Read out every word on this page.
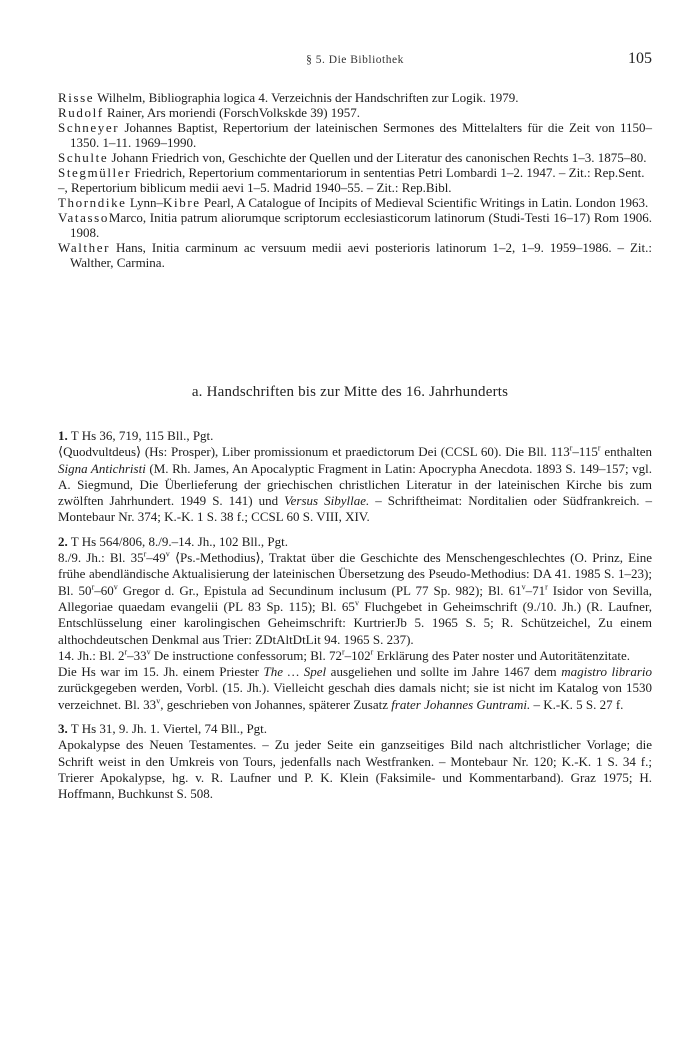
§ 5. Die Bibliothek	105

Risse Wilhelm, Bibliographia logica 4. Verzeichnis der Handschriften zur Logik. 1979.

Rudolf Rainer, Ars moriendi (ForschVolkskde 39) 1957.

Schneyer Johannes Baptist, Repertorium der lateinischen Sermones des Mittelalters für die Zeit von 1150–1350. 1–11. 1969–1990.

Schulte Johann Friedrich von, Geschichte der Quellen und der Literatur des canonischen Rechts 1–3. 1875–80.

Stegmüller Friedrich, Repertorium commentariorum in sententias Petri Lombardi 1–2. 1947. – Zit.: Rep.Sent.

–, Repertorium biblicum medii aevi 1–5. Madrid 1940–55. – Zit.: Rep.Bibl.

Thorndike Lynn–Kibre Pearl, A Catalogue of Incipits of Medieval Scientific Writings in Latin. London 1963.

VatassoMarco, Initia patrum aliorumque scriptorum ecclesiasticorum latinorum (Studi-Testi 16–17) Rom 1906. 1908.

Walther Hans, Initia carminum ac versuum medii aevi posterioris latinorum 1–2, 1–9. 1959–1986. – Zit.: Walther, Carmina.

a. Handschriften bis zur Mitte des 16. Jahrhunderts

1. T Hs 36, 719, 115 Bll., Pgt.

⟨Quodvultdeus⟩ (Hs: Prosper), Liber promissionum et praedictorum Dei (CCSL 60). Die Bll. 113$^r$–115$^r$ enthalten Signa Antichristi (M. Rh. James, An Apocalyptic Fragment in Latin: Apocrypha Anecdota. 1893 S. 149–157; vgl. A. Siegmund, Die Überlieferung der griechischen christlichen Literatur in der lateinischen Kirche bis zum zwölften Jahrhundert. 1949 S. 141) und Versus Sibyllae. – Schriftheimat: Norditalien oder Südfrankreich. – Montebaur Nr. 374; K.-K. 1 S. 38 f.; CCSL 60 S. VIII, XIV.

2. T Hs 564/806, 8./9.–14. Jh., 102 Bll., Pgt.

8./9. Jh.: Bl. 35$^r$–49$^v$ ⟨Ps.-Methodius⟩, Traktat über die Geschichte des Menschengeschlechtes (O. Prinz, Eine frühe abendländische Aktualisierung der lateinischen Übersetzung des Pseudo-Methodius: DA 41. 1985 S. 1–23); Bl. 50$^r$–60$^v$ Gregor d. Gr., Epistula ad Secundinum inclusum (PL 77 Sp. 982); Bl. 61$^v$–71$^r$ Isidor von Sevilla, Allegoriae quaedam evangelii (PL 83 Sp. 115); Bl. 65$^v$ Fluchgebet in Geheimschrift (9./10. Jh.) (R. Laufner, Entschlüsselung einer karolingischen Geheimschrift: KurtrierJb 5. 1965 S. 5; R. Schützeichel, Zu einem althochdeutschen Denkmal aus Trier: ZDtAltDtLit 94. 1965 S. 237).

14. Jh.: Bl. 2$^r$–33$^v$ De instructione confessorum; Bl. 72$^r$–102$^r$ Erklärung des Pater noster und Autoritätenzitate.

Die Hs war im 15. Jh. einem Priester The … Spel ausgeliehen und sollte im Jahre 1467 dem magistro librario zurückgegeben werden, Vorbl. (15. Jh.). Vielleicht geschah dies damals nicht; sie ist nicht im Katalog von 1530 verzeichnet. Bl. 33$^v$, geschrieben von Johannes, späterer Zusatz frater Johannes Guntrami. – K.-K. 5 S. 27 f.

3. T Hs 31, 9. Jh. 1. Viertel, 74 Bll., Pgt.

Apokalypse des Neuen Testamentes. – Zu jeder Seite ein ganzseitiges Bild nach altchristlicher Vorlage; die Schrift weist in den Umkreis von Tours, jedenfalls nach Westfranken. – Montebaur Nr. 120; K.-K. 1 S. 34 f.; Trierer Apokalypse, hg. v. R. Laufner und P. K. Klein (Faksimile- und Kommentarband). Graz 1975; H. Hoffmann, Buchkunst S. 508.
